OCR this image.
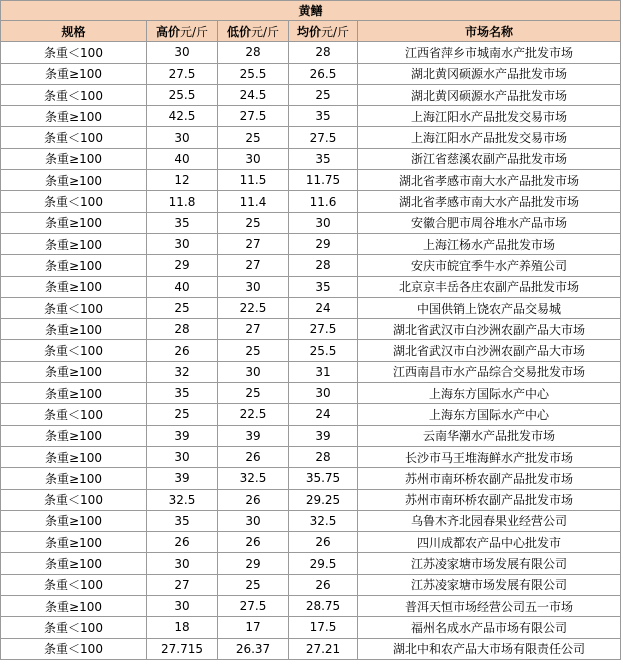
黄鳝				
规格	高价元/斤	低价元/斤	均价元/斤	市场名称
条重＜100	30	28	28	江西省萍乡市城南水产批发市场
条重≥100	27.5	25.5	26.5	湖北黄冈硕源水产品批发市场
条重＜100	25.5	24.5	25	湖北黄冈硕源水产品批发市场
条重≥100	42.5	27.5	35	上海江阳水产品批发交易市场
条重＜100	30	25	27.5	上海江阳水产品批发交易市场
条重≥100	40	30	35	浙江省慈溪农副产品批发市场
条重≥100	12	11.5	11.75	湖北省孝感市南大水产品批发市场
条重＜100	11.8	11.4	11.6	湖北省孝感市南大水产品批发市场
条重≥100	35	25	30	安徽合肥市周谷堆水产品市场
条重≥100	30	27	29	上海江杨水产品批发市场
条重≥100	29	27	28	安庆市皖宜季牛水产养殖公司
条重≥100	40	30	35	北京京丰岳各庄农副产品批发市场
条重＜100	25	22.5	24	中国供销上饶农产品交易城
条重≥100	28	27	27.5	湖北省武汉市白沙洲农副产品大市场
条重＜100	26	25	25.5	湖北省武汉市白沙洲农副产品大市场
条重≥100	32	30	31	江西南昌市水产品综合交易批发市场
条重≥100	35	25	30	上海东方国际水产中心
条重＜100	25	22.5	24	上海东方国际水产中心
条重≥100	39	39	39	云南华潮水产品批发市场
条重≥100	30	26	28	长沙市马王堆海鲜水产批发市场
条重≥100	39	32.5	35.75	苏州市南环桥农副产品批发市场
条重＜100	32.5	26	29.25	苏州市南环桥农副产品批发市场
条重≥100	35	30	32.5	乌鲁木齐北园春果业经营公司
条重≥100	26	26	26	四川成都农产品中心批发市
条重≥100	30	29	29.5	江苏凌家塘市场发展有限公司
条重＜100	27	25	26	江苏凌家塘市场发展有限公司
条重≥100	30	27.5	28.75	普洱天恒市场经营公司五一市场
条重＜100	18	17	17.5	福州名成水产品市场有限公司
条重＜100	27.715	26.37	27.21	湖北中和农产品大市场有限责任公司
